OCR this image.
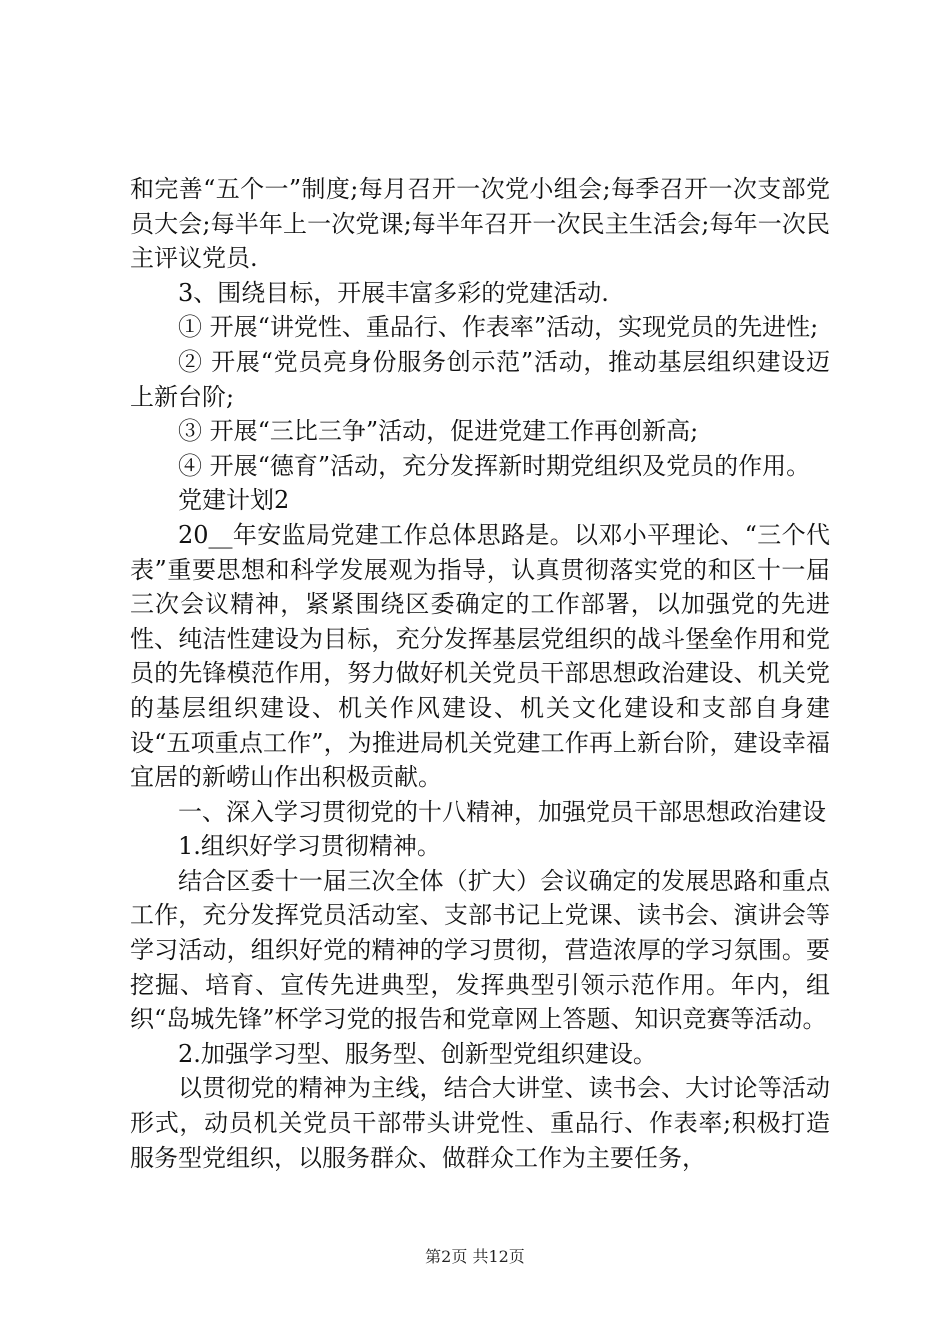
和完善“五个一”制度;每月召开一次党小组会;每季召开一次支部党员大会;每半年上一次党课;每半年召开一次民主生活会;每年一次民主评议党员.

3、围绕目标，开展丰富多彩的党建活动.

① 开展“讲党性、重品行、作表率”活动，实现党员的先进性;

② 开展“党员亮身份服务创示范”活动，推动基层组织建设迈上新台阶;

③ 开展“三比三争”活动，促进党建工作再创新高;

④ 开展“德育”活动，充分发挥新时期党组织及党员的作用。

党建计划2

20__年安监局党建工作总体思路是。以邓小平理论、“三个代表”重要思想和科学发展观为指导，认真贯彻落实党的和区十一届三次会议精神，紧紧围绕区委确定的工作部署，以加强党的先进性、纯洁性建设为目标，充分发挥基层党组织的战斗堡垒作用和党员的先锋模范作用，努力做好机关党员干部思想政治建设、机关党的基层组织建设、机关作风建设、机关文化建设和支部自身建设“五项重点工作”，为推进局机关党建工作再上新台阶，建设幸福宜居的新崂山作出积极贡献。

一、深入学习贯彻党的十八精神，加强党员干部思想政治建设

1.组织好学习贯彻精神。

结合区委十一届三次全体（扩大）会议确定的发展思路和重点工作，充分发挥党员活动室、支部书记上党课、读书会、演讲会等学习活动，组织好党的精神的学习贯彻，营造浓厚的学习氛围。要挖掘、培育、宣传先进典型，发挥典型引领示范作用。年内，组织“岛城先锋”杯学习党的报告和党章网上答题、知识竞赛等活动。

2.加强学习型、服务型、创新型党组织建设。

以贯彻党的精神为主线，结合大讲堂、读书会、大讨论等活动形式，动员机关党员干部带头讲党性、重品行、作表率;积极打造服务型党组织，以服务群众、做群众工作为主要任务，

第2页 共12页
